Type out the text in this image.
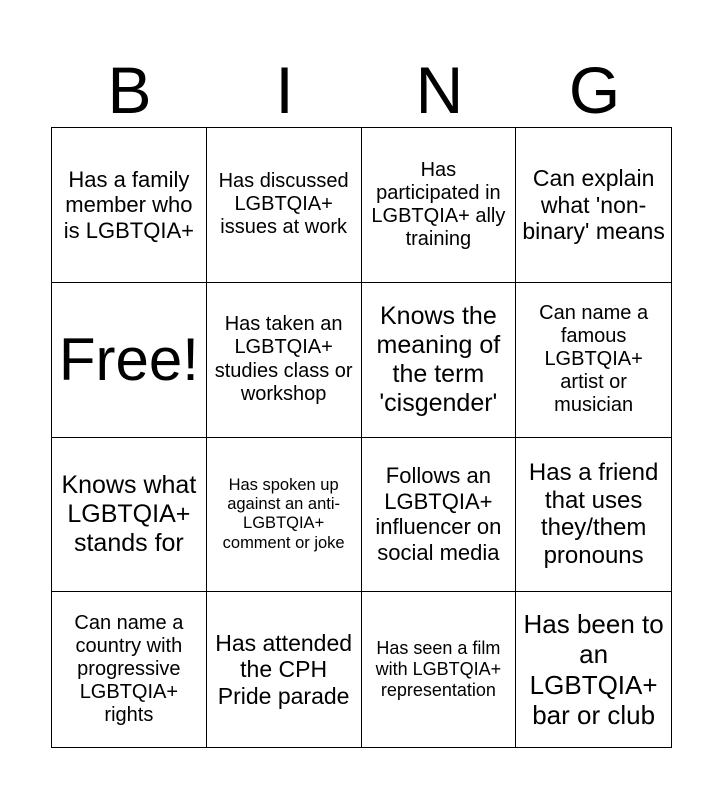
B	I	N	G
Has a family member who is LGBTQIA+
Has discussed LGBTQIA+ issues at work
Has participated in LGBTQIA+ ally training
Can explain what 'non-binary' means
Free!
Has taken an LGBTQIA+ studies class or workshop
Knows the meaning of the term 'cisgender'
Can name a famous LGBTQIA+ artist or musician
Knows what LGBTQIA+ stands for
Has spoken up against an anti-LGBTQIA+ comment or joke
Follows an LGBTQIA+ influencer on social media
Has a friend that uses they/them pronouns
Can name a country with progressive LGBTQIA+ rights
Has attended the CPH Pride parade
Has seen a film with LGBTQIA+ representation
Has been to an LGBTQIA+ bar or club
